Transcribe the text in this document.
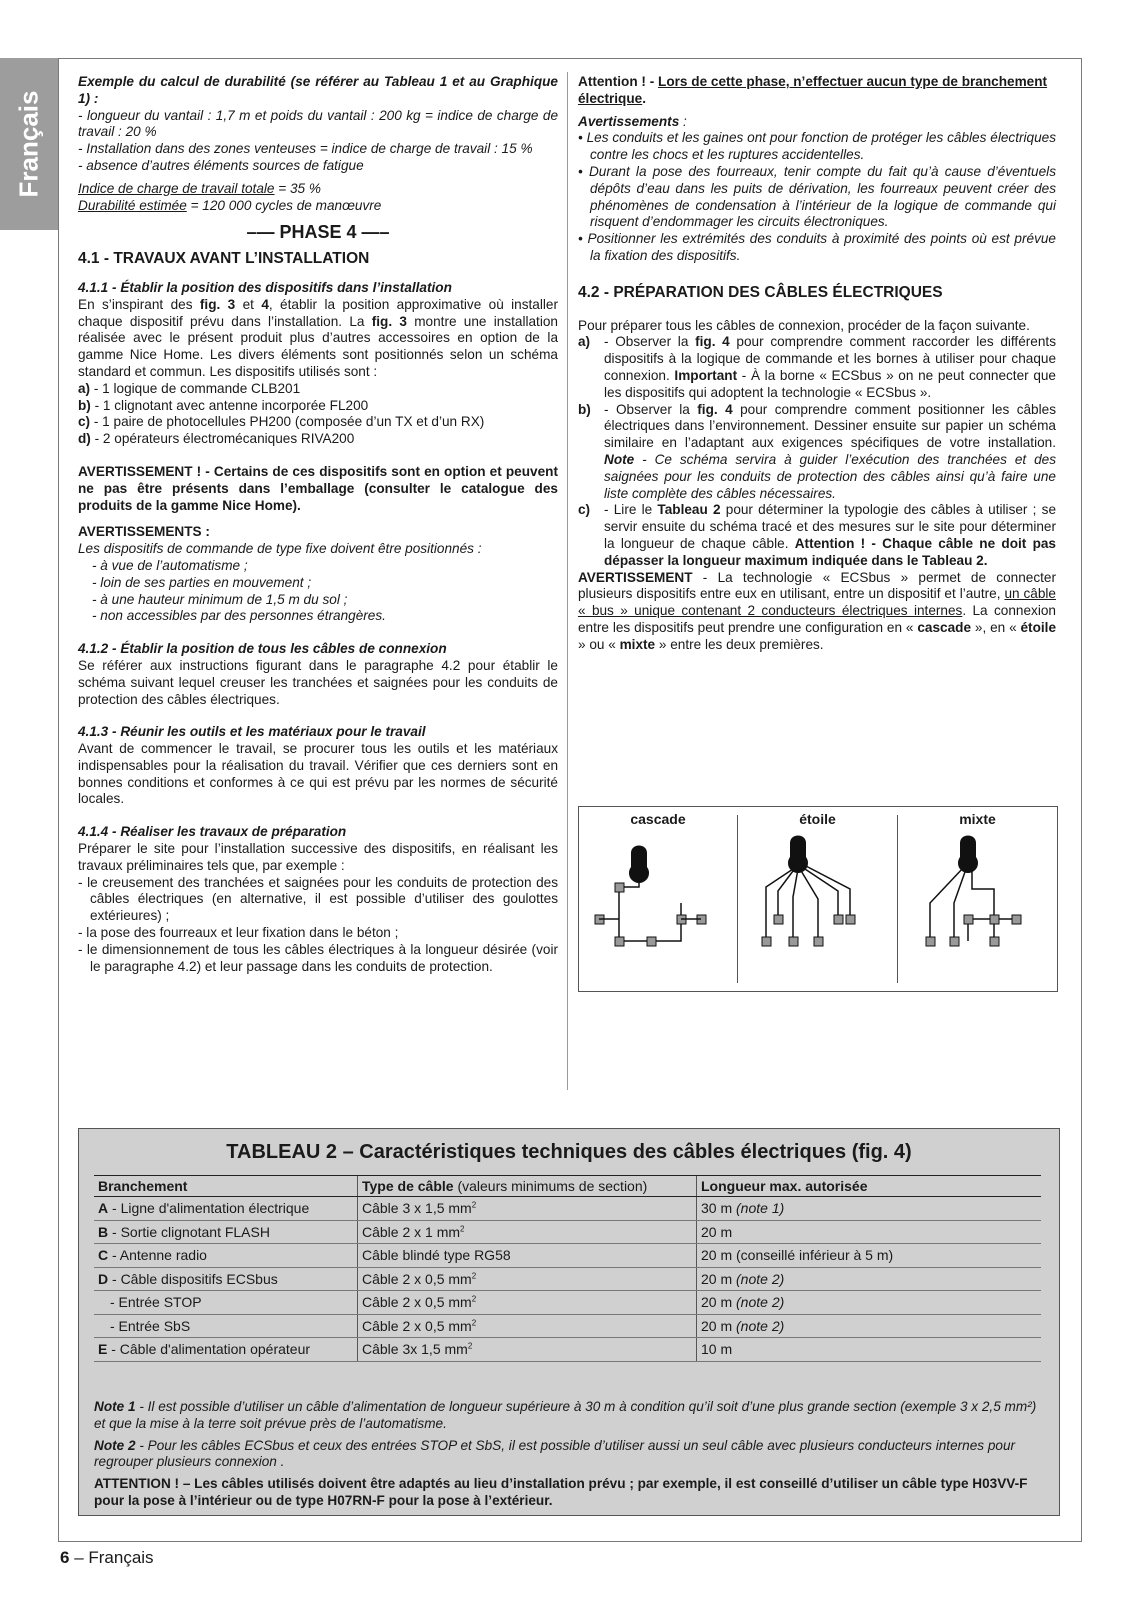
Français

Exemple du calcul de durabilité (se référer au Tableau 1 et au Graphique 1) :

- longueur du vantail : 1,7 m et poids du vantail : 200 kg = indice de charge de travail : 20 %

- Installation dans des zones venteuses = indice de charge de travail : 15 %

- absence d’autres éléments sources de fatigue

Indice de charge de travail totale = 35 %

Durabilité estimée = 120 000 cycles de manœuvre

–— PHASE 4 —–
4.1 - TRAVAUX AVANT L’INSTALLATION
4.1.1 - Établir la position des dispositifs dans l’installation

En s’inspirant des fig. 3 et 4, établir la position approximative où installer chaque dispositif prévu dans l’installation. La fig. 3 montre une installation réalisée avec le présent produit plus d’autres accessoires en option de la gamme Nice Home. Les divers éléments sont positionnés selon un schéma standard et commun. Les dispositifs utilisés sont :

a) - 1 logique de commande CLB201

b) - 1 clignotant avec antenne incorporée FL200

c) - 1 paire de photocellules PH200 (composée d’un TX et d’un RX)

d) - 2 opérateurs électromécaniques RIVA200

AVERTISSEMENT ! - Certains de ces dispositifs sont en option et peuvent ne pas être présents dans l’emballage (consulter le catalogue des produits de la gamme Nice Home).

AVERTISSEMENTS :

Les dispositifs de commande de type fixe doivent être positionnés :

- à vue de l’automatisme ;

- loin de ses parties en mouvement ;

- à une hauteur minimum de 1,5 m du sol ;

- non accessibles par des personnes étrangères.

4.1.2 - Établir la position de tous les câbles de connexion

Se référer aux instructions figurant dans le paragraphe 4.2 pour établir le schéma suivant lequel creuser les tranchées et saignées pour les conduits de protection des câbles électriques.

4.1.3 - Réunir les outils et les matériaux pour le travail

Avant de commencer le travail, se procurer tous les outils et les matériaux indispensables pour la réalisation du travail. Vérifier que ces derniers sont en bonnes conditions et conformes à ce qui est prévu par les normes de sécurité locales.

4.1.4 - Réaliser les travaux de préparation

Préparer le site pour l’installation successive des dispositifs, en réalisant les travaux préliminaires tels que, par exemple :

- le creusement des tranchées et saignées pour les conduits de protection des câbles électriques (en alternative, il est possible d’utiliser des goulottes extérieures) ;

- la pose des fourreaux et leur fixation dans le béton ;

- le dimensionnement de tous les câbles électriques à la longueur désirée (voir le paragraphe 4.2) et leur passage dans les conduits de protection.

Attention ! - Lors de cette phase, n’effectuer aucun type de branchement électrique.

Avertissements :

• Les conduits et les gaines ont pour fonction de protéger les câbles électriques contre les chocs et les ruptures accidentelles.

• Durant la pose des fourreaux, tenir compte du fait qu’à cause d’éventuels dépôts d’eau dans les puits de dérivation, les fourreaux peuvent créer des phénomènes de condensation à l’intérieur de la logique de commande qui risquent d’endommager les circuits électroniques.

• Positionner les extrémités des conduits à proximité des points où est prévue la fixation des dispositifs.

4.2 - PRÉPARATION DES CÂBLES ÉLECTRIQUES

Pour préparer tous les câbles de connexion, procéder de la façon suivante.

a)	- Observer la fig. 4 pour comprendre comment raccorder les différents dispositifs à la logique de commande et les bornes à utiliser pour chaque connexion. Important - À la borne « ECSbus » on ne peut connecter que les dispositifs qui adoptent la technologie « ECSbus ».
b) - Observer la fig. 4 pour comprendre comment positionner les câbles électriques dans l’environnement. Dessiner ensuite sur papier un schéma similaire en l’adaptant aux exigences spécifiques de votre installation. Note - Ce schéma servira à guider l’exécution des tranchées et des saignées pour les conduits de protection des câbles ainsi qu’à faire une liste complète des câbles nécessaires.
c)	- Lire le Tableau 2 pour déterminer la typologie des câbles à utiliser ; se servir ensuite du schéma tracé et des mesures sur le site pour déterminer la longueur de chaque câble. Attention ! - Chaque câble ne doit pas dépasser la longueur maximum indiquée dans le Tableau 2.

AVERTISSEMENT - La technologie « ECSbus » permet de connecter plusieurs dispositifs entre eux en utilisant, entre un dispositif et l’autre, un câble « bus » unique contenant 2 conducteurs électriques internes. La connexion entre les dispositifs peut prendre une configuration en « cascade », en « étoile » ou « mixte » entre les deux premières.

cascade	étoile	mixte
TABLEAU 2 – Caractéristiques techniques des câbles électriques (fig. 4)
Branchement	Type de câble (valeurs minimums de section)	Longueur max. autorisée
A - Ligne d'alimentation électrique	Câble 3 x 1,5 $mm^2$	30 m (note 1)
B - Sortie clignotant FLASH	Câble 2 x 1 $mm^2$	20 m
C - Antenne radio	Câble blindé type RG58	20 m (conseillé inférieur à 5 m)
D - Câble dispositifs ECSbus	Câble 2 x 0,5 $mm^2$	20 m (note 2)
- Entrée STOP	Câble 2 x 0,5 $mm^2$	20 m (note 2)
- Entrée SbS	Câble 2 x 0,5 $mm^2$	20 m (note 2)
E - Câble d'alimentation opérateur	Câble 3x 1,5 $mm^2$	10 m

Note 1 - Il est possible d’utiliser un câble d’alimentation de longueur supérieure à 30 m à condition qu’il soit d’une plus grande section (exemple 3 x 2,5 mm²) et que la mise à la terre soit prévue près de l’automatisme.

Note 2 - Pour les câbles ECSbus et ceux des entrées STOP et SbS, il est possible d’utiliser aussi un seul câble avec plusieurs conducteurs internes pour regrouper plusieurs connexion .

ATTENTION ! – Les câbles utilisés doivent être adaptés au lieu d’installation prévu ; par exemple, il est conseillé d’utiliser un câble type H03VV-F pour la pose à l’intérieur ou de type H07RN-F pour la pose à l’extérieur.

6 – Français
